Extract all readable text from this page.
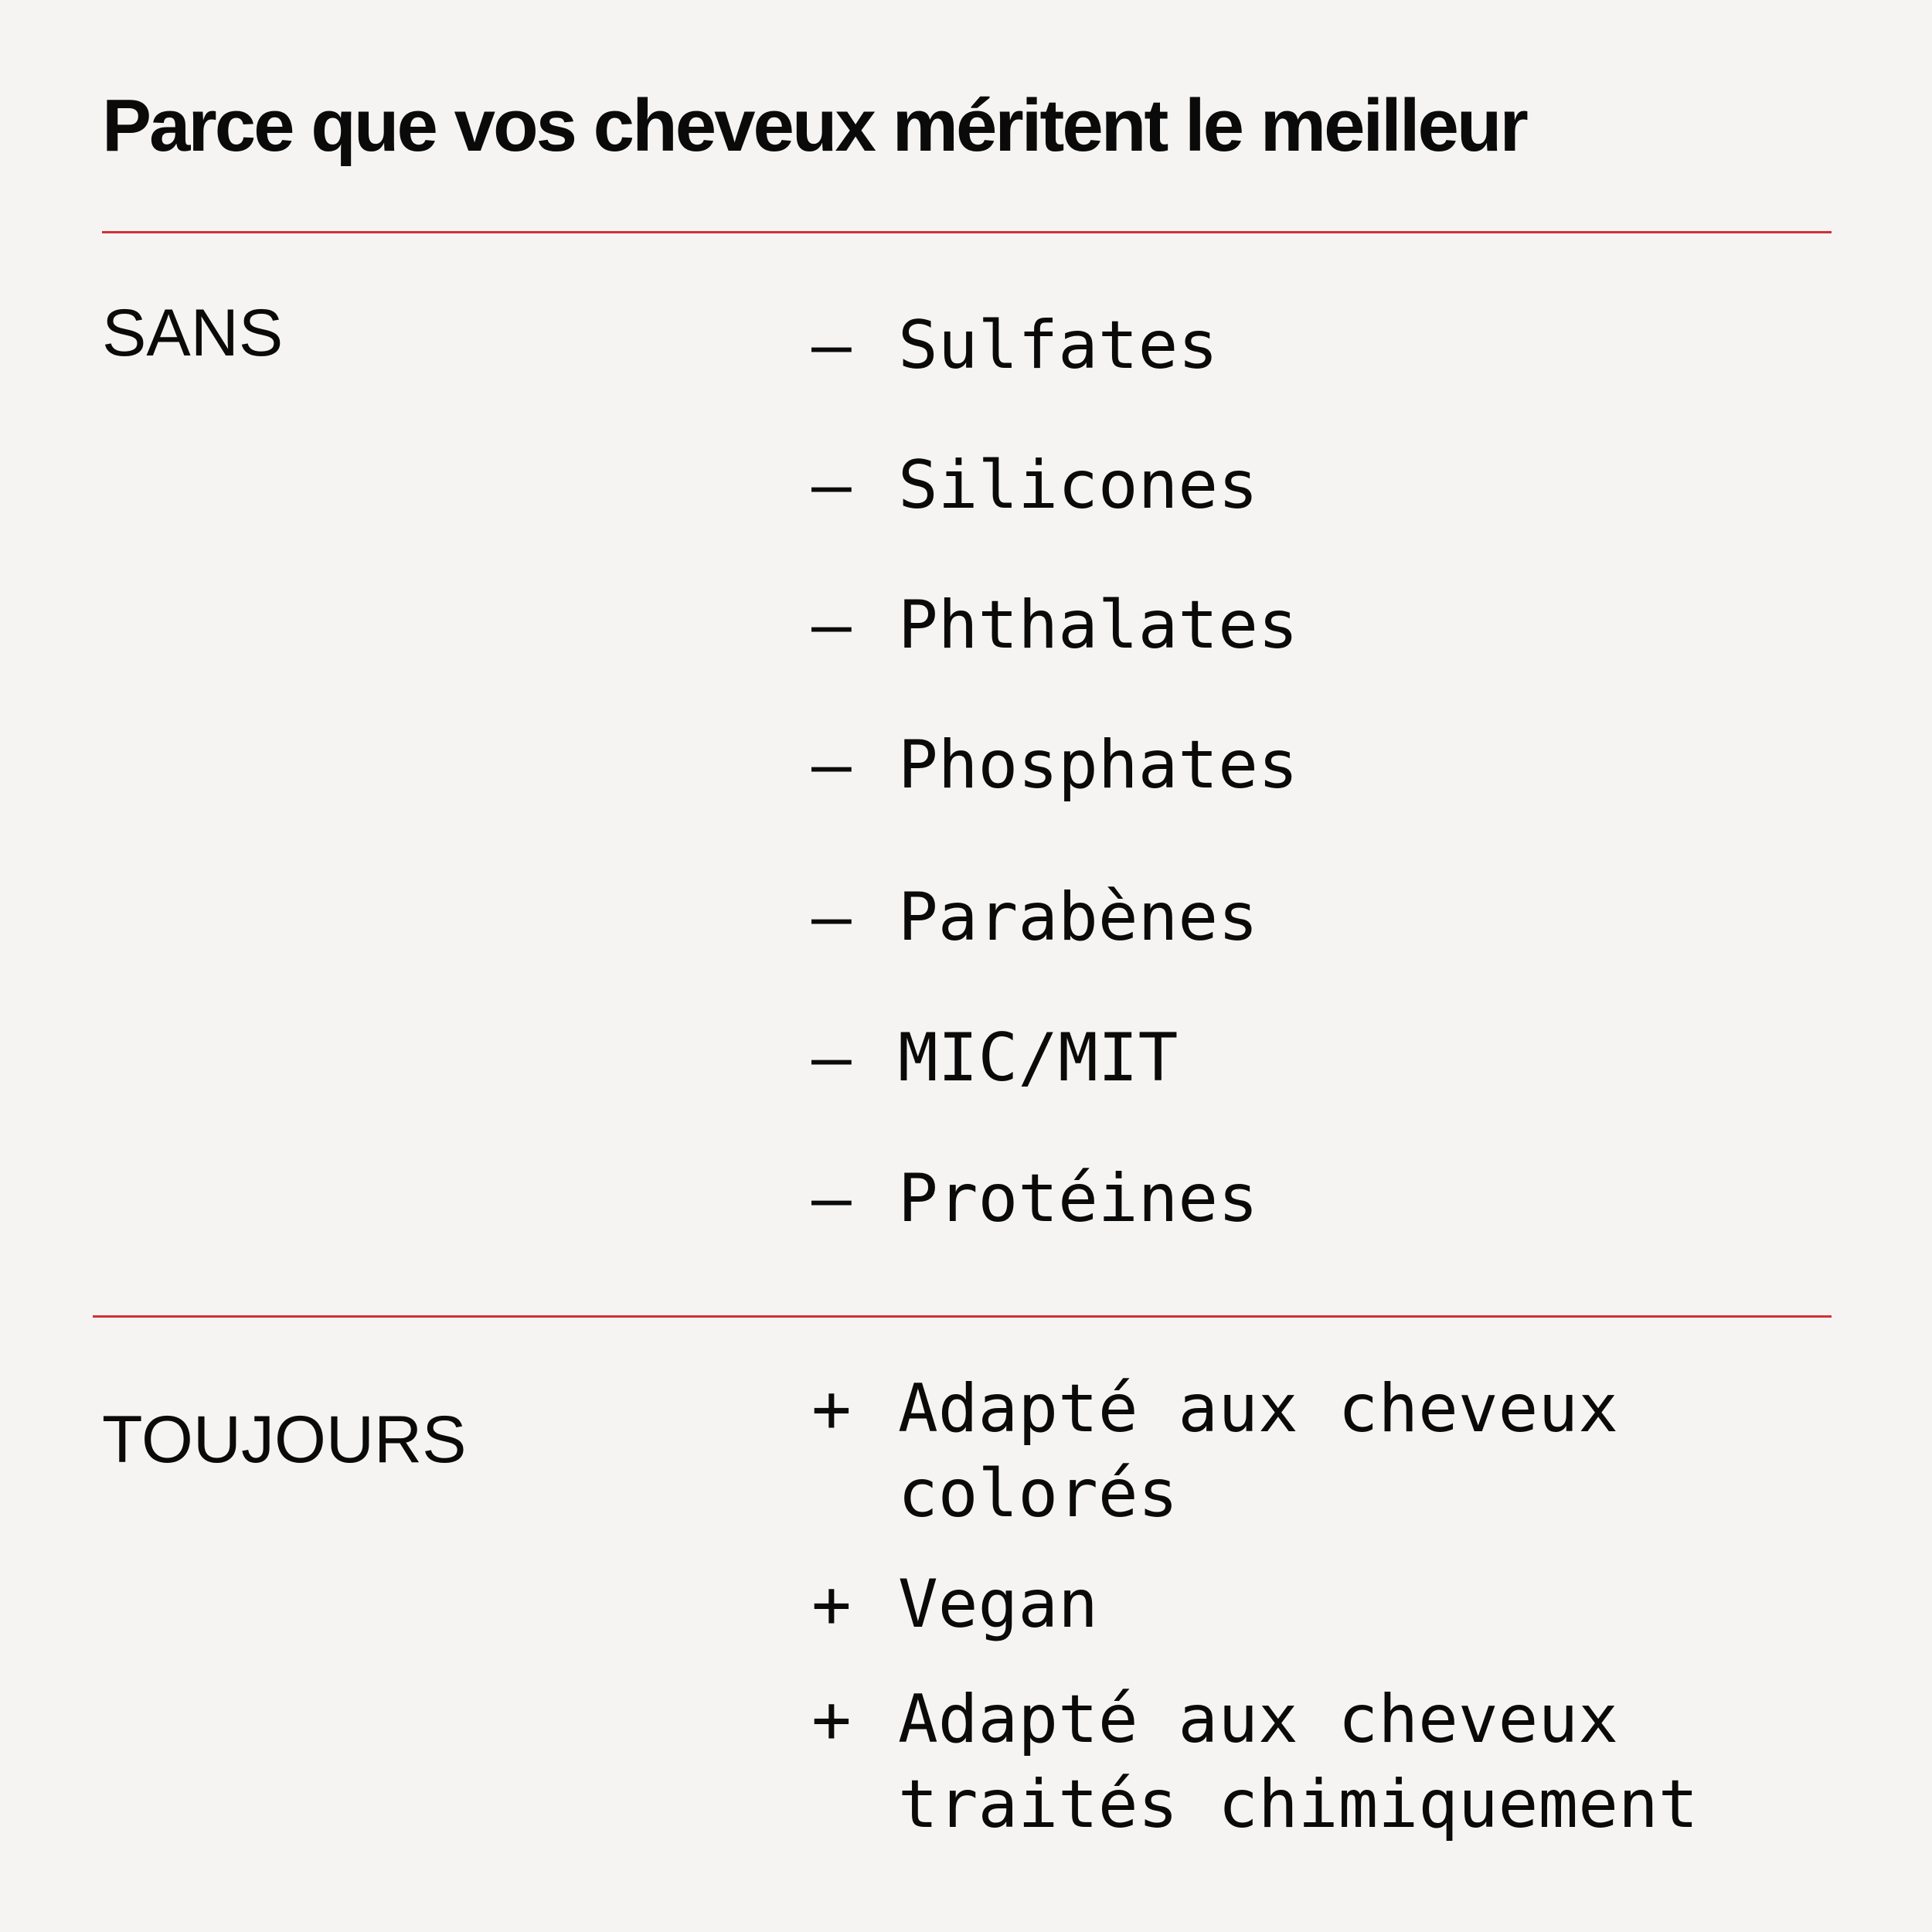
Parce que vos cheveux méritent le meilleur
SANS	— Sulfates
— Silicones
— Phthalates
— Phosphates
— Parabènes
— MIC/MIT
— Protéines
TOUJOURS	+ Adapté aux cheveux colorés
+ Vegan
+ Adapté aux cheveux traités chimiquement
